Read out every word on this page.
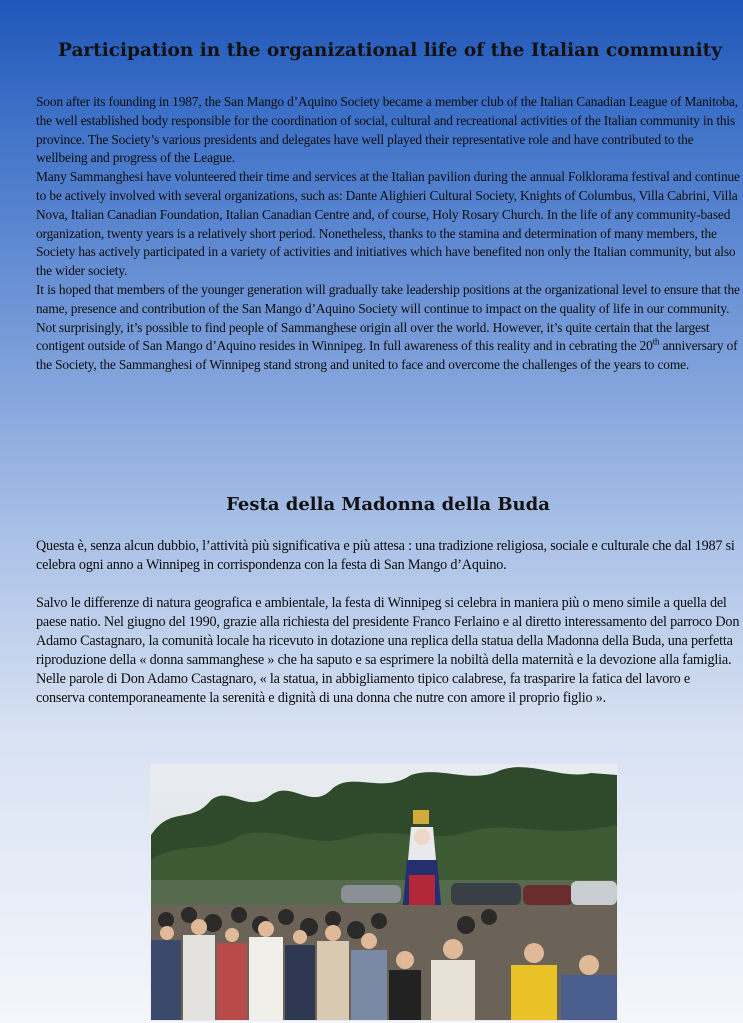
Participation in the organizational life of the Italian community

Soon after its founding in 1987, the San Mango d’Aquino Society became a member club of the Italian Canadian League of Manitoba, the well established body responsible for the coordination of social, cultural and recreational activities of the Italian community in this province. The Society’s various presidents and delegates have well played their representative role and have contributed to the wellbeing and progress of the League.

Many Sammanghesi have volunteered their time and services at the Italian pavilion during the annual Folklorama festival and continue to be actively involved with several organizations, such as: Dante Alighieri Cultural Society, Knights of Columbus, Villa Cabrini, Villa Nova, Italian Canadian Foundation, Italian Canadian Centre and, of course, Holy Rosary Church. In the life of any community-based organization, twenty years is a relatively short period. Nonetheless, thanks to the stamina and determination of many members, the Society has actively participated in a variety of activities and initiatives which have benefited non only the Italian community, but also the wider society.

It is hoped that members of the younger generation will gradually take leadership positions at the organizational level to ensure that the name, presence and contribution of the San Mango d’Aquino Society will continue to impact on the quality of life in our community.

Not surprisingly, it’s possible to find people of Sammanghese origin all over the world. However, it’s quite certain that the largest contigent outside of San Mango d’Aquino resides in Winnipeg. In full awareness of this reality and in cebrating the 20th anniversary of the Society, the Sammanghesi of Winnipeg stand strong and united to face and overcome the challenges of the years to come.

Festa della Madonna della Buda

Questa è, senza alcun dubbio, l’attività più significativa e più attesa : una tradizione religiosa, sociale e culturale che dal 1987 si celebra ogni anno a Winnipeg in corrispondenza con la festa di San Mango d’Aquino.

Salvo le differenze di natura geografica e ambientale, la festa di Winnipeg si celebra in maniera più o meno simile a quella del paese natio. Nel giugno del 1990, grazie alla richiesta del presidente Franco Ferlaino e al diretto interessamento del parroco Don Adamo Castagnaro, la comunità locale ha ricevuto in dotazione una replica della statua della Madonna della Buda, una perfetta riproduzione della « donna sammanghese » che ha saputo e sa esprimere la nobiltà della maternità e la devozione alla famiglia. Nelle parole di Don Adamo Castagnaro, « la statua, in abbigliamento tipico calabrese, fa trasparire la fatica del lavoro e conserva contemporaneamente la serenità e dignità di una donna che nutre con amore il proprio figlio ».
